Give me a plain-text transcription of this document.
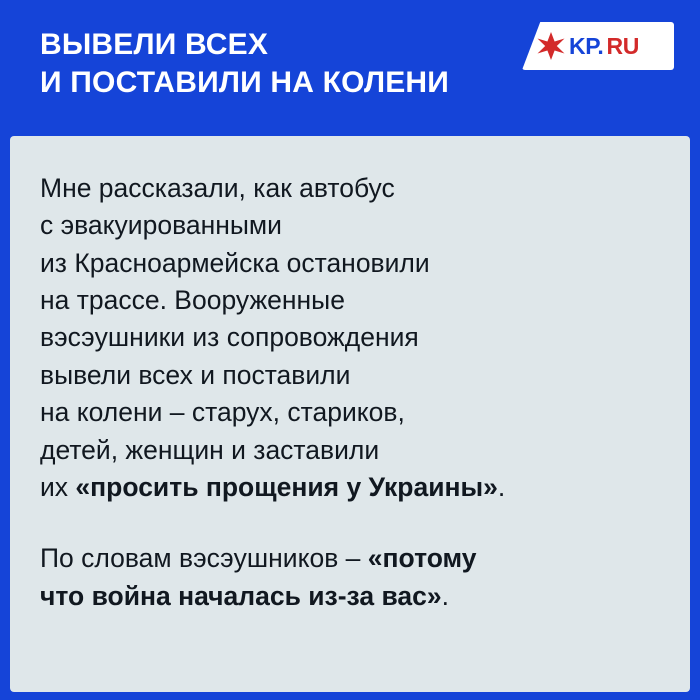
ВЫВЕЛИ ВСЕХ
И ПОСТАВИЛИ НА КОЛЕНИ
KP. RU

Мне рассказали, как автобус
с эвакуированными
из Красноармейска остановили
на трассе. Вооруженные
вэсэушники из сопровождения
вывели всех и поставили
на колени – старух, стариков,
детей, женщин и заставили
их «просить прощения у Украины».

По словам вэсэушников – «потому
что война началась из-за вас».
